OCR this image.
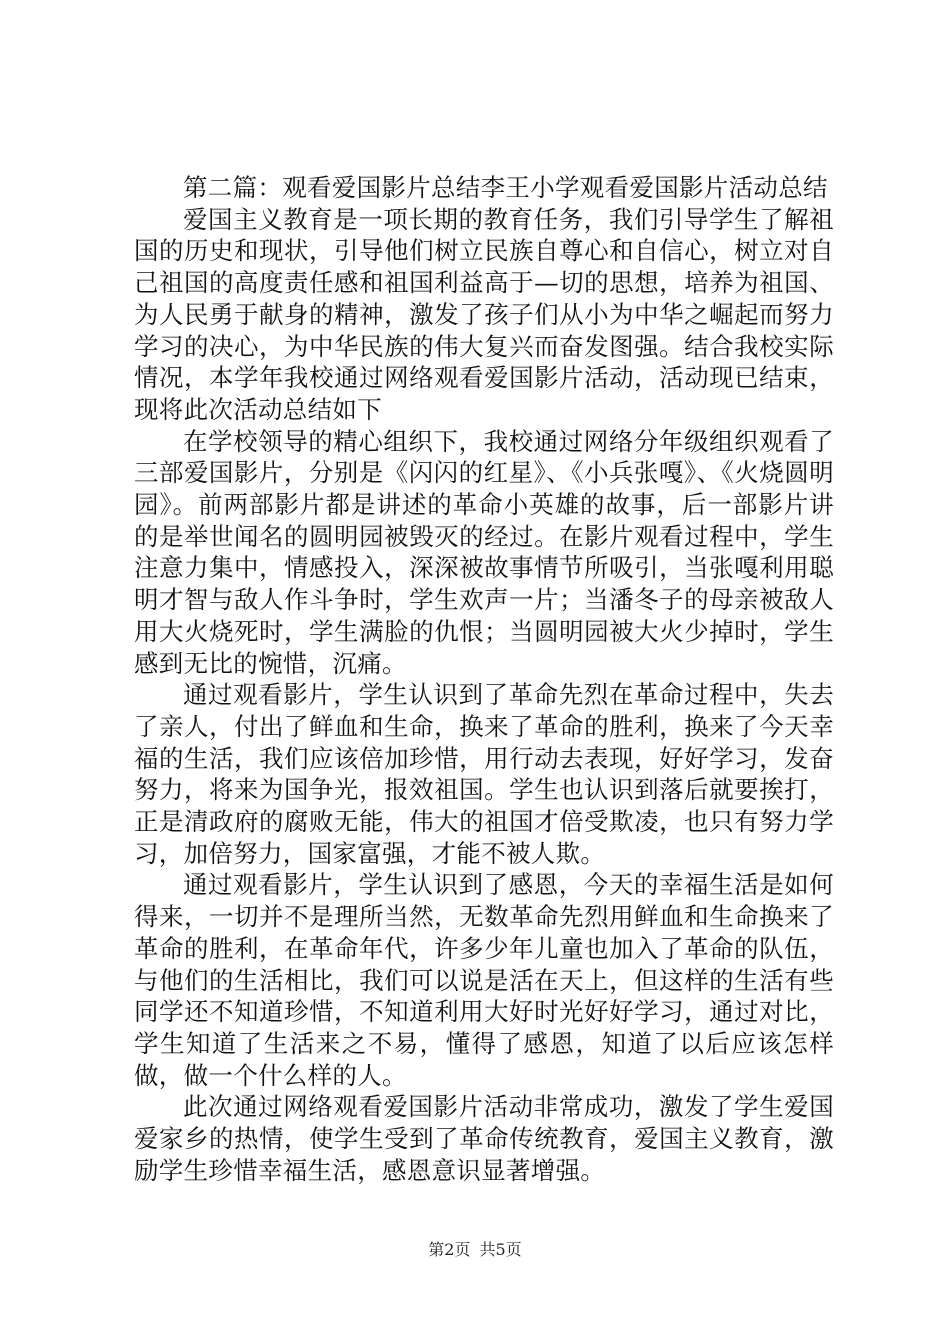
第二篇：观看爱国影片总结李王小学观看爱国影片活动总结

爱国主义教育是一项长期的教育任务，我们引导学生了解祖国的历史和现状，引导他们树立民族自尊心和自信心，树立对自己祖国的高度责任感和祖国利益高于—切的思想，培养为祖国、为人民勇于献身的精神，激发了孩子们从小为中华之崛起而努力学习的决心，为中华民族的伟大复兴而奋发图强。结合我校实际情况，本学年我校通过网络观看爱国影片活动，活动现已结束，现将此次活动总结如下

在学校领导的精心组织下，我校通过网络分年级组织观看了三部爱国影片，分别是《闪闪的红星》、《小兵张嘎》、《火烧圆明园》。前两部影片都是讲述的革命小英雄的故事，后一部影片讲的是举世闻名的圆明园被毁灭的经过。在影片观看过程中，学生注意力集中，情感投入，深深被故事情节所吸引，当张嘎利用聪明才智与敌人作斗争时，学生欢声一片；当潘冬子的母亲被敌人用大火烧死时，学生满脸的仇恨；当圆明园被大火少掉时，学生感到无比的惋惜，沉痛。

通过观看影片，学生认识到了革命先烈在革命过程中，失去了亲人，付出了鲜血和生命，换来了革命的胜利，换来了今天幸福的生活，我们应该倍加珍惜，用行动去表现，好好学习，发奋努力，将来为国争光，报效祖国。学生也认识到落后就要挨打，正是清政府的腐败无能，伟大的祖国才倍受欺凌，也只有努力学习，加倍努力，国家富强，才能不被人欺。

通过观看影片，学生认识到了感恩，今天的幸福生活是如何得来，一切并不是理所当然，无数革命先烈用鲜血和生命换来了革命的胜利，在革命年代，许多少年儿童也加入了革命的队伍，与他们的生活相比，我们可以说是活在天上，但这样的生活有些同学还不知道珍惜，不知道利用大好时光好好学习，通过对比，学生知道了生活来之不易，懂得了感恩，知道了以后应该怎样做，做一个什么样的人。

此次通过网络观看爱国影片活动非常成功，激发了学生爱国爱家乡的热情，使学生受到了革命传统教育，爱国主义教育，激励学生珍惜幸福生活，感恩意识显著增强。

第2页 共5页
